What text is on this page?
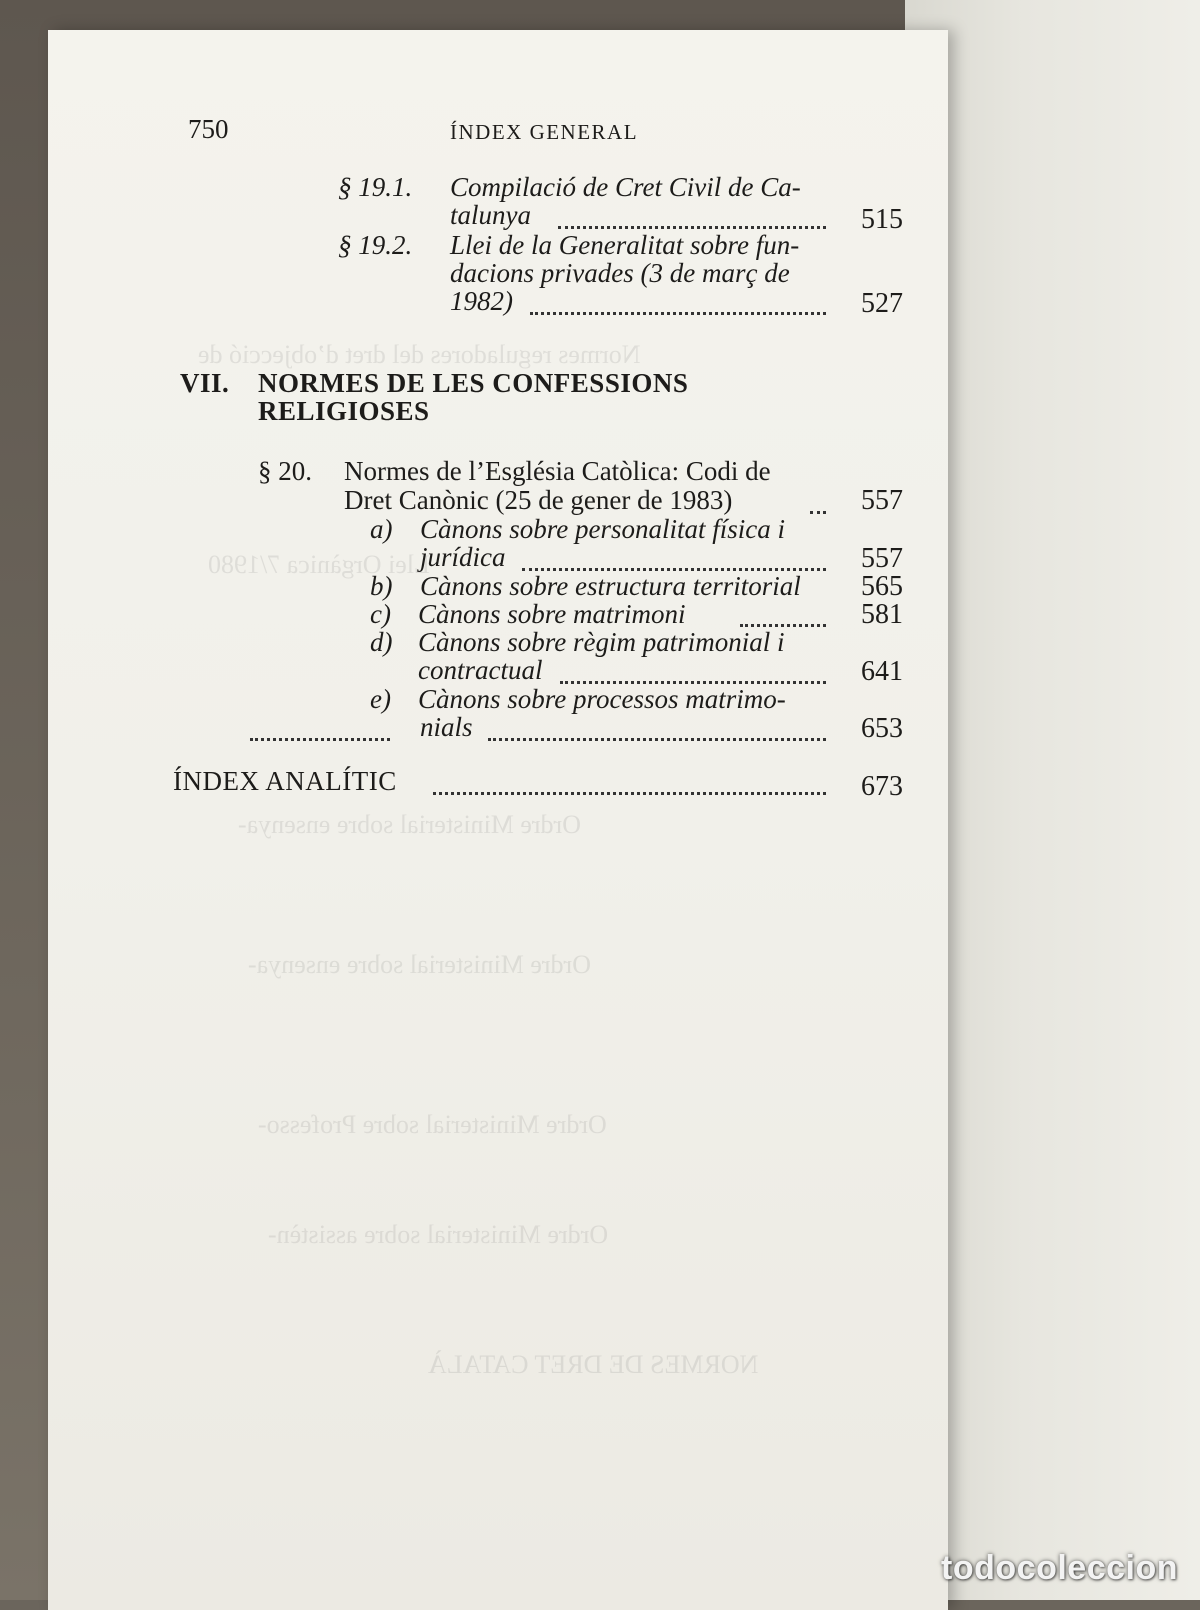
Normes reguladores del dret d’objecció de
Llei Orgànica 7/1980
Ordre Ministerial sobre ensenya-
Ordre Ministerial sobre ensenya-
Ordre Ministerial sobre Professo-
Ordre Ministerial sobre assistèn-
NORMES DE DRET CATALÀ
750	ÍNDEX GENERAL
§ 19.1. Compilació de Cret Civil de Ca-
talunya	515
§ 19.2. Llei de la Generalitat sobre fun-
dacions privades (3 de març de
1982)	527
VII. NORMES DE LES CONFESSIONS
RELIGIOSES
§ 20. Normes de l’Església Catòlica: Codi de
Dret Canònic (25 de gener de 1983)	557
a) Cànons sobre personalitat física i
jurídica	557
b) Cànons sobre estructura territorial	565
c) Cànons sobre matrimoni	581
d) Cànons sobre règim patrimonial i
contractual	641
e) Cànons sobre processos matrimo-
nials	653
ÍNDEX ANALÍTIC	673
todocoleccion
